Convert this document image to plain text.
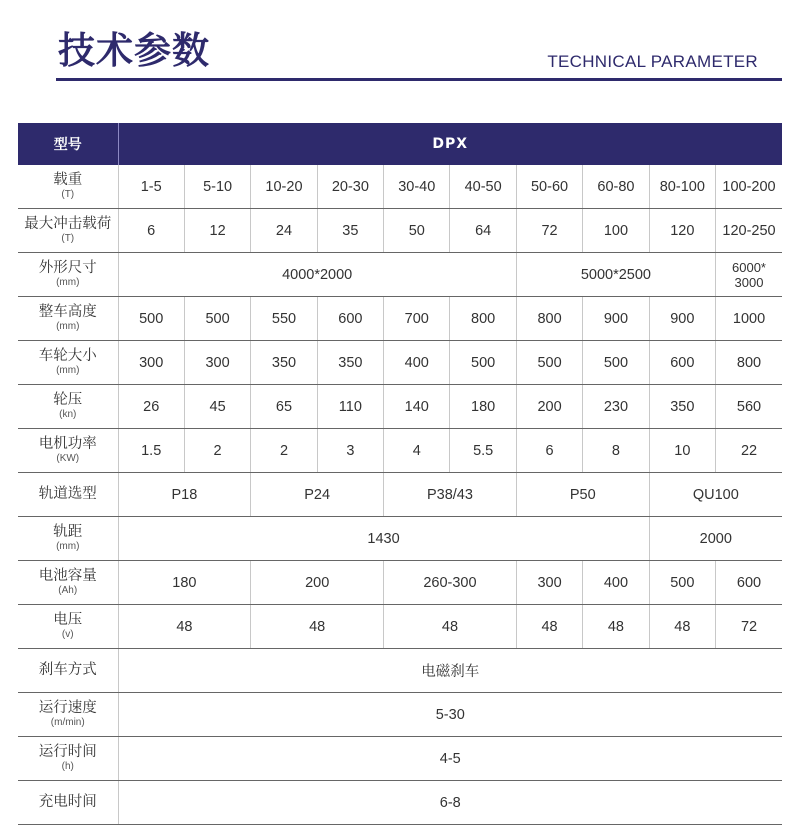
技术参数	TECHNICAL PARAMETER
型号	DPX									

载重
(T)	1-5	5-10	10-20	20-30	30-40	40-50	50-60	60-80	80-100	100-200

最大冲击载荷
(T)	6	12	24	35	50	64	72	100	120	120-250

外形尺寸
(mm)	4000*2000						5000*2500			6000*
3000

整车高度
(mm)	500	500	550	600	700	800	800	900	900	1000

车轮大小
(mm)	300	300	350	350	400	500	500	500	600	800

轮压
(kn)	26	45	65	110	140	180	200	230	350	560

电机功率
(KW)	1.5	2	2	3	4	5.5	6	8	10	22

轨道选型	P18		P24		P38/43		P50		QU100	

轨距
(mm)	1430								2000	

电池容量
(Ah)	180		200		260-300		300	400	500	600

电压
(v)	48		48		48		48	48	48	72

刹车方式	电磁刹车									

运行速度
(m/min)	5-30									

运行时间
(h)	4-5									

充电时间	6-8									
